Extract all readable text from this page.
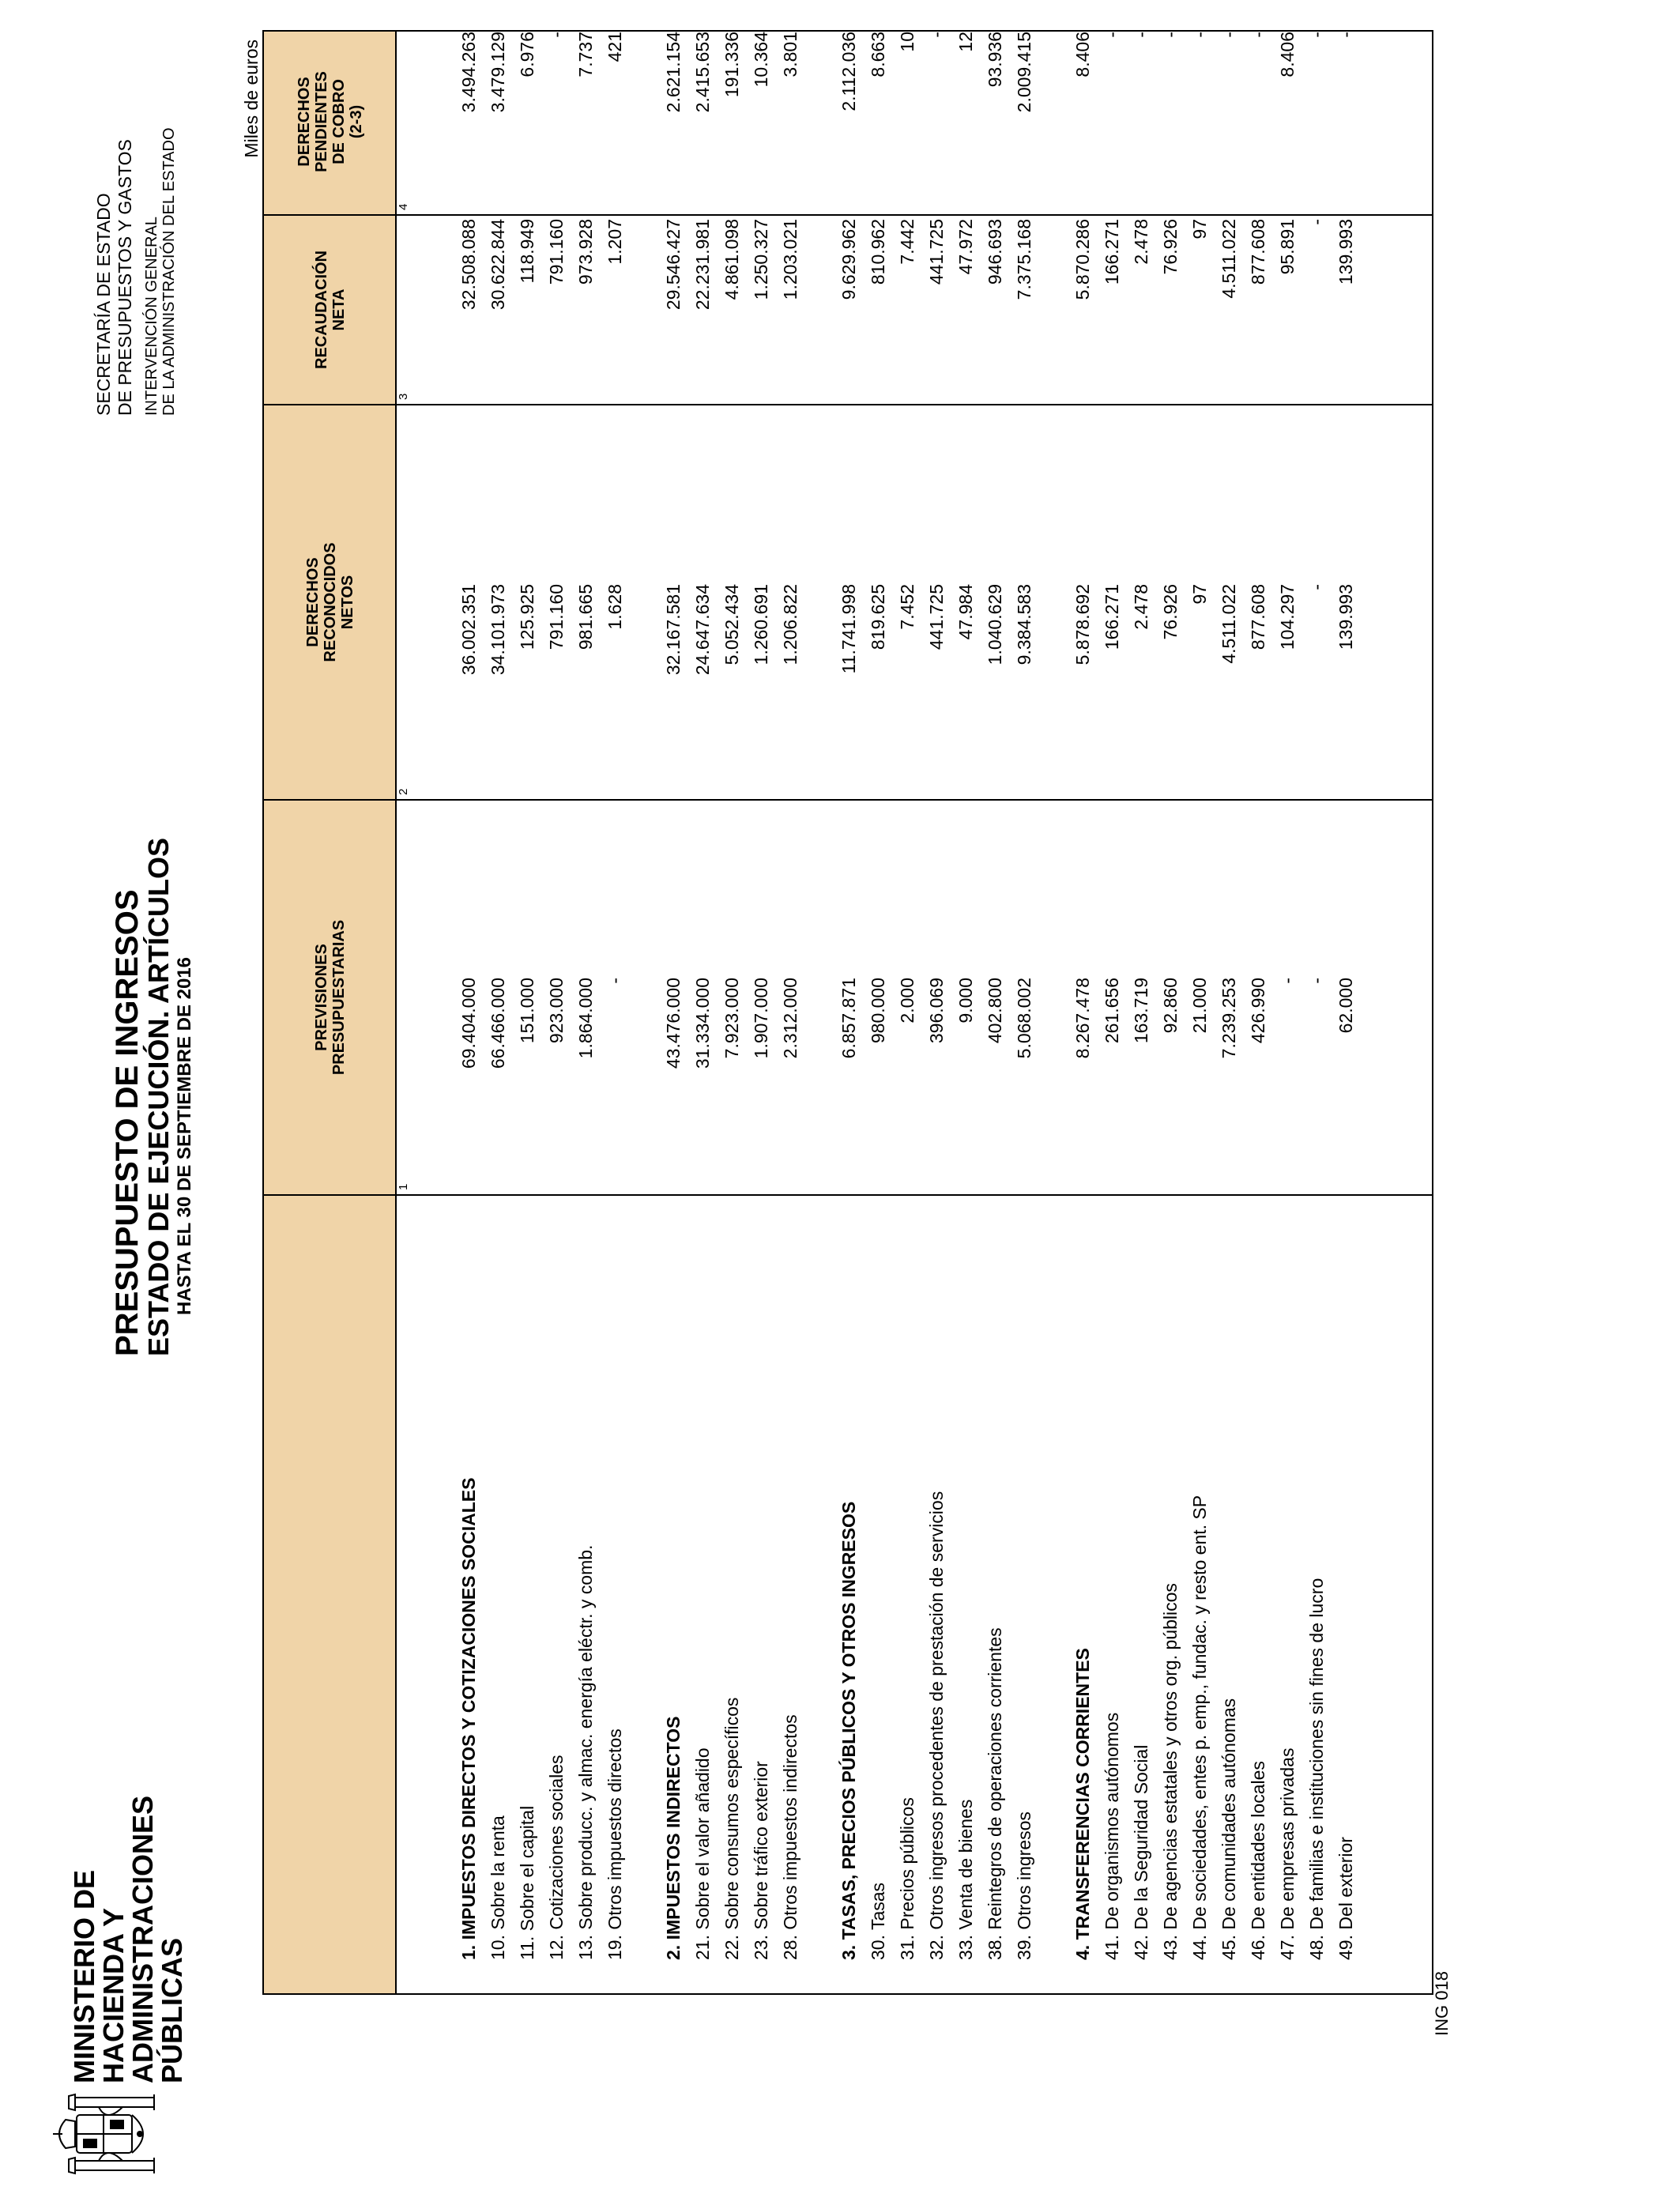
MINISTERIO DE
HACIENDA Y
ADMINISTRACIONES
PÚBLICAS
PRESUPUESTO DE INGRESOS
ESTADO DE EJECUCIÓN. ARTÍCULOS HASTA EL 30 DE SEPTIEMBRE DE 2016
SECRETARÍA DE ESTADO DE PRESUPUESTOS Y GASTOS INTERVENCIÓN GENERAL DE LA ADMINISTRACIÓN DEL ESTADO
Miles de euros
1. IMPUESTOS DIRECTOS Y COTIZACIONES SOCIALES
69.404.000
36.002.351
32.508.088
3.494.263
10. Sobre la renta
66.466.000
34.101.973
30.622.844
3.479.129
11. Sobre el capital
151.000
125.925
118.949
6.976
12. Cotizaciones sociales
923.000
791.160
791.160
-
13. Sobre producc. y almac. energía eléctr. y comb.
1.864.000
981.665
973.928
7.737
19. Otros impuestos directos
-
1.628
1.207
421
2. IMPUESTOS INDIRECTOS
43.476.000
32.167.581
29.546.427
2.621.154
21. Sobre el valor añadido
31.334.000
24.647.634
22.231.981
2.415.653
22. Sobre consumos específicos
7.923.000
5.052.434
4.861.098
191.336
23. Sobre tráfico exterior
1.907.000
1.260.691
1.250.327
10.364
28. Otros impuestos indirectos
2.312.000
1.206.822
1.203.021
3.801
3. TASAS, PRECIOS PÚBLICOS Y OTROS INGRESOS
6.857.871
11.741.998
9.629.962
2.112.036
30. Tasas
980.000
819.625
810.962
8.663
31. Precios públicos
2.000
7.452
7.442
10
32. Otros ingresos procedentes de prestación de servicios
396.069
441.725
441.725
-
33. Venta de bienes
9.000
47.984
47.972
12
38. Reintegros de operaciones corrientes
402.800
1.040.629
946.693
93.936
39. Otros ingresos
5.068.002
9.384.583
7.375.168
2.009.415
4. TRANSFERENCIAS CORRIENTES
8.267.478
5.878.692
5.870.286
8.406
41. De organismos autónomos
261.656
166.271
166.271
-
42. De la Seguridad Social
163.719
2.478
2.478
-
43. De agencias estatales y otros org. públicos
92.860
76.926
76.926
-
44. De sociedades, entes p. emp., fundac. y resto ent. SP
21.000
97
97
-
45. De comunidades autónomas
7.239.253
4.511.022
4.511.022
-
46. De entidades locales
426.990
877.608
877.608
-
47. De empresas privadas
-
104.297
95.891
8.406
48. De familias e instituciones sin fines de lucro
-
-
-
-
49. Del exterior
62.000
139.993
139.993
-
PREVISIONES PRESUPUESTARIAS
1
DERECHOS RECONOCIDOS NETOS
2
RECAUDACIÓN NETA
3
DERECHOS PENDIENTES DE COBRO (2-3)
4
ING 018
